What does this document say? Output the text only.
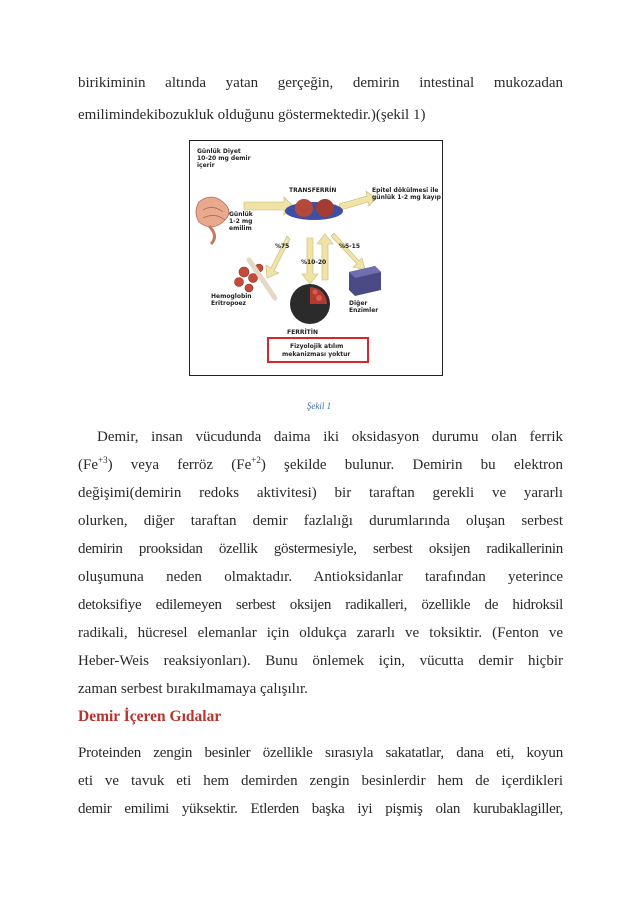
birikiminin altında yatan gerçeğin, demirin intestinal mukozadan
emilimindekibozukluk olduğunu göstermektedir.)(şekil 1)
Günlük Diyet
10-20 mg demir
içerir
TRANSFERRİN	Epitel dökülmesi ile
günlük 1-2 mg kayıp
Günlük
1-2 mg
emilim
%75	%5-15
%10-20
Hemoglobin
Eritropoez	Diğer
Enzimler
FERRİTİN
Fizyolojik atılım
mekanizması yoktur
Şekil 1
Demir, insan vücudunda daima iki oksidasyon durumu olan ferrik
$(Fe^{+3})$ veya ferröz $(Fe^{+2})$ şekilde bulunur. Demirin bu elektron
değişimi(demirin redoks aktivitesi) bir taraftan gerekli ve yararlı
olurken, diğer taraftan demir fazlalığı durumlarında oluşan serbest
demirin prooksidan özellik göstermesiyle, serbest oksijen radikallerinin
oluşumuna neden olmaktadır. Antioksidanlar tarafından yeterince
detoksifiye edilemeyen serbest oksijen radikalleri, özellikle de hidroksil
radikali, hücresel elemanlar için oldukça zararlı ve toksiktir. (Fenton ve
Heber-Weis reaksiyonları). Bunu önlemek için, vücutta demir hiçbir
zaman serbest bırakılmamaya çalışılır.
Demir İçeren Gıdalar
Proteinden zengin besinler özellikle sırasıyla sakatatlar, dana eti, koyun
eti ve tavuk eti hem demirden zengin besinlerdir hem de içerdikleri
demir emilimi yüksektir. Etlerden başka iyi pişmiş olan kurubaklagiller,
